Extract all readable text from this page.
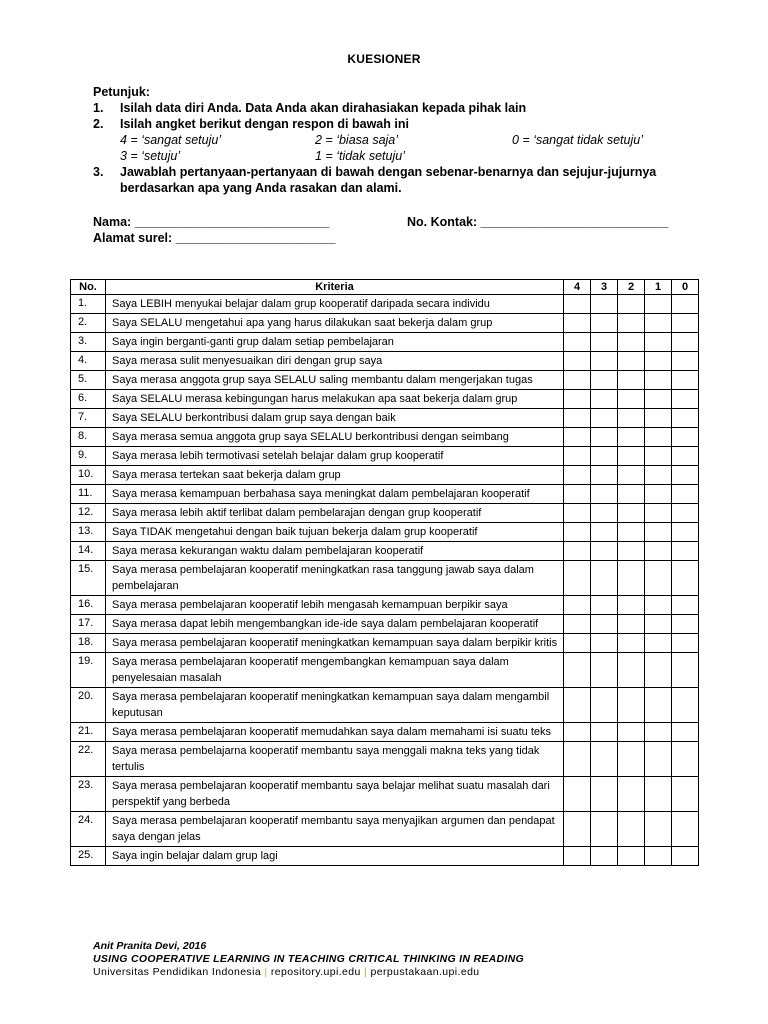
KUESIONER
Petunjuk:
1. Isilah data diri Anda. Data Anda akan dirahasiakan kepada pihak lain
2. Isilah angket berikut dengan respon di bawah ini
4 = ‘sangat setuju’	2 = ‘biasa saja’	0 = ‘sangat tidak setuju’
3 = ‘setuju’	1 = ‘tidak setuju’
3. Jawablah pertanyaan-pertanyaan di bawah dengan sebenar-benarnya dan sejujur-jujurnya
berdasarkan apa yang Anda rasakan dan alami.
Nama: ____________________________	No. Kontak: ___________________________
Alamat surel: _______________________
No.	Kriteria	4	3	2	1	0
1.	Saya LEBIH menyukai belajar dalam grup kooperatif daripada secara individu					
2.	Saya SELALU mengetahui apa yang harus dilakukan saat bekerja dalam grup					
3.	Saya ingin berganti-ganti grup dalam setiap pembelajaran					
4.	Saya merasa sulit menyesuaikan diri dengan grup saya					
5.	Saya merasa anggota grup saya SELALU saling membantu dalam mengerjakan tugas					
6.	Saya SELALU merasa kebingungan harus melakukan apa saat bekerja dalam grup					
7.	Saya SELALU berkontribusi dalam grup saya dengan baik					
8.	Saya merasa semua anggota grup saya SELALU berkontribusi dengan seimbang					
9.	Saya merasa lebih termotivasi setelah belajar dalam grup kooperatif					
10.	Saya merasa tertekan saat bekerja dalam grup					
11.	Saya merasa kemampuan berbahasa saya meningkat dalam pembelajaran kooperatif					
12.	Saya merasa lebih aktif terlibat dalam pembelarajan dengan grup kooperatif					
13.	Saya TIDAK mengetahui dengan baik tujuan bekerja dalam grup kooperatif					
14.	Saya merasa kekurangan waktu dalam pembelajaran kooperatif					
15.	Saya merasa pembelajaran kooperatif meningkatkan rasa tanggung jawab saya dalam pembelajaran					
16.	Saya merasa pembelajaran kooperatif lebih mengasah kemampuan berpikir saya					
17.	Saya merasa dapat lebih mengembangkan ide-ide saya dalam pembelajaran kooperatif					
18.	Saya merasa pembelajaran kooperatif meningkatkan kemampuan saya dalam berpikir kritis					
19.	Saya merasa pembelajaran kooperatif mengembangkan kemampuan saya dalam penyelesaian masalah					
20.	Saya merasa pembelajaran kooperatif meningkatkan kemampuan saya dalam mengambil keputusan					
21.	Saya merasa pembelajaran kooperatif memudahkan saya dalam memahami isi suatu teks					
22.	Saya merasa pembelajarna kooperatif membantu saya menggali makna teks yang tidak tertulis					
23.	Saya merasa pembelajaran kooperatif membantu saya belajar melihat suatu masalah dari perspektif yang berbeda					
24.	Saya merasa pembelajaran kooperatif membantu saya menyajikan argumen dan pendapat saya dengan jelas					
25.	Saya ingin belajar dalam grup lagi					
Anit Pranita Devi, 2016
USING COOPERATIVE LEARNING IN TEACHING CRITICAL THINKING IN READING
Universitas Pendidikan Indonesia | repository.upi.edu | perpustakaan.upi.edu
